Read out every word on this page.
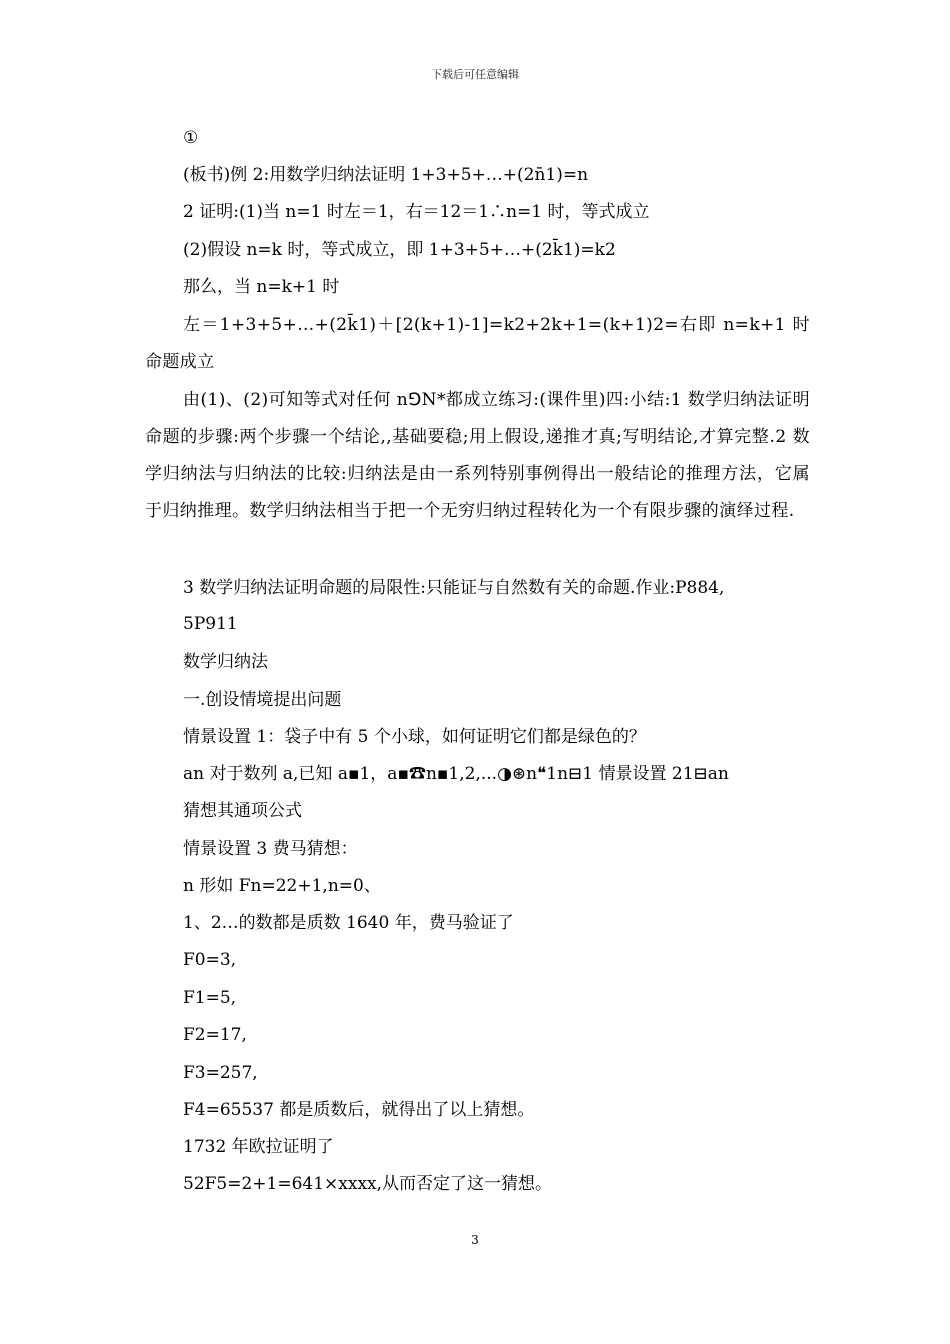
下载后可任意编辑
①
(板书)例 2:用数学归纳法证明 1+3+5+…+(2n̄1)=n
2 证明:(1)当 n=1 时左＝1，右＝12＝1∴n=1 时，等式成立
(2)假设 n=k 时，等式成立，即 1+3+5+…+(2k̄1)=k2
那么，当 n=k+1 时
左＝1+3+5+…+(2k̄1)＋[2(k+1)-1]=k2+2k+1=(k+1)2=右即 n=k+1 时命题成立
由(1)、(2)可知等式对任何 n⅁N*都成立练习:(课件里)四:小结:1 数学归纳法证明命题的步骤:两个步骤一个结论,,基础要稳;用上假设,递推才真;写明结论,才算完整.2 数学归纳法与归纳法的比较:归纳法是由一系列特别事例得出一般结论的推理方法，它属于归纳推理。数学归纳法相当于把一个无穷归纳过程转化为一个有限步骤的演绎过程.
3 数学归纳法证明命题的局限性:只能证与自然数有关的命题.作业:P884,
5P911
数学归纳法
一.创设情境提出问题
情景设置 1：袋子中有 5 个小球，如何证明它们都是绿色的？
an 对于数列 a,已知 a▪1，a▪☎n▪1,2,...◑⊛n❝1n⊟1 情景设置 21⊟an
猜想其通项公式
情景设置 3 费马猜想：
n 形如 Fn=22+1,n=0、
1、2…的数都是质数 1640 年，费马验证了
F0=3,
F1=5,
F2=17,
F3=257,
F4=65537 都是质数后，就得出了以上猜想。
1732 年欧拉证明了
52F5=2+1=641×xxxx,从而否定了这一猜想。
3
